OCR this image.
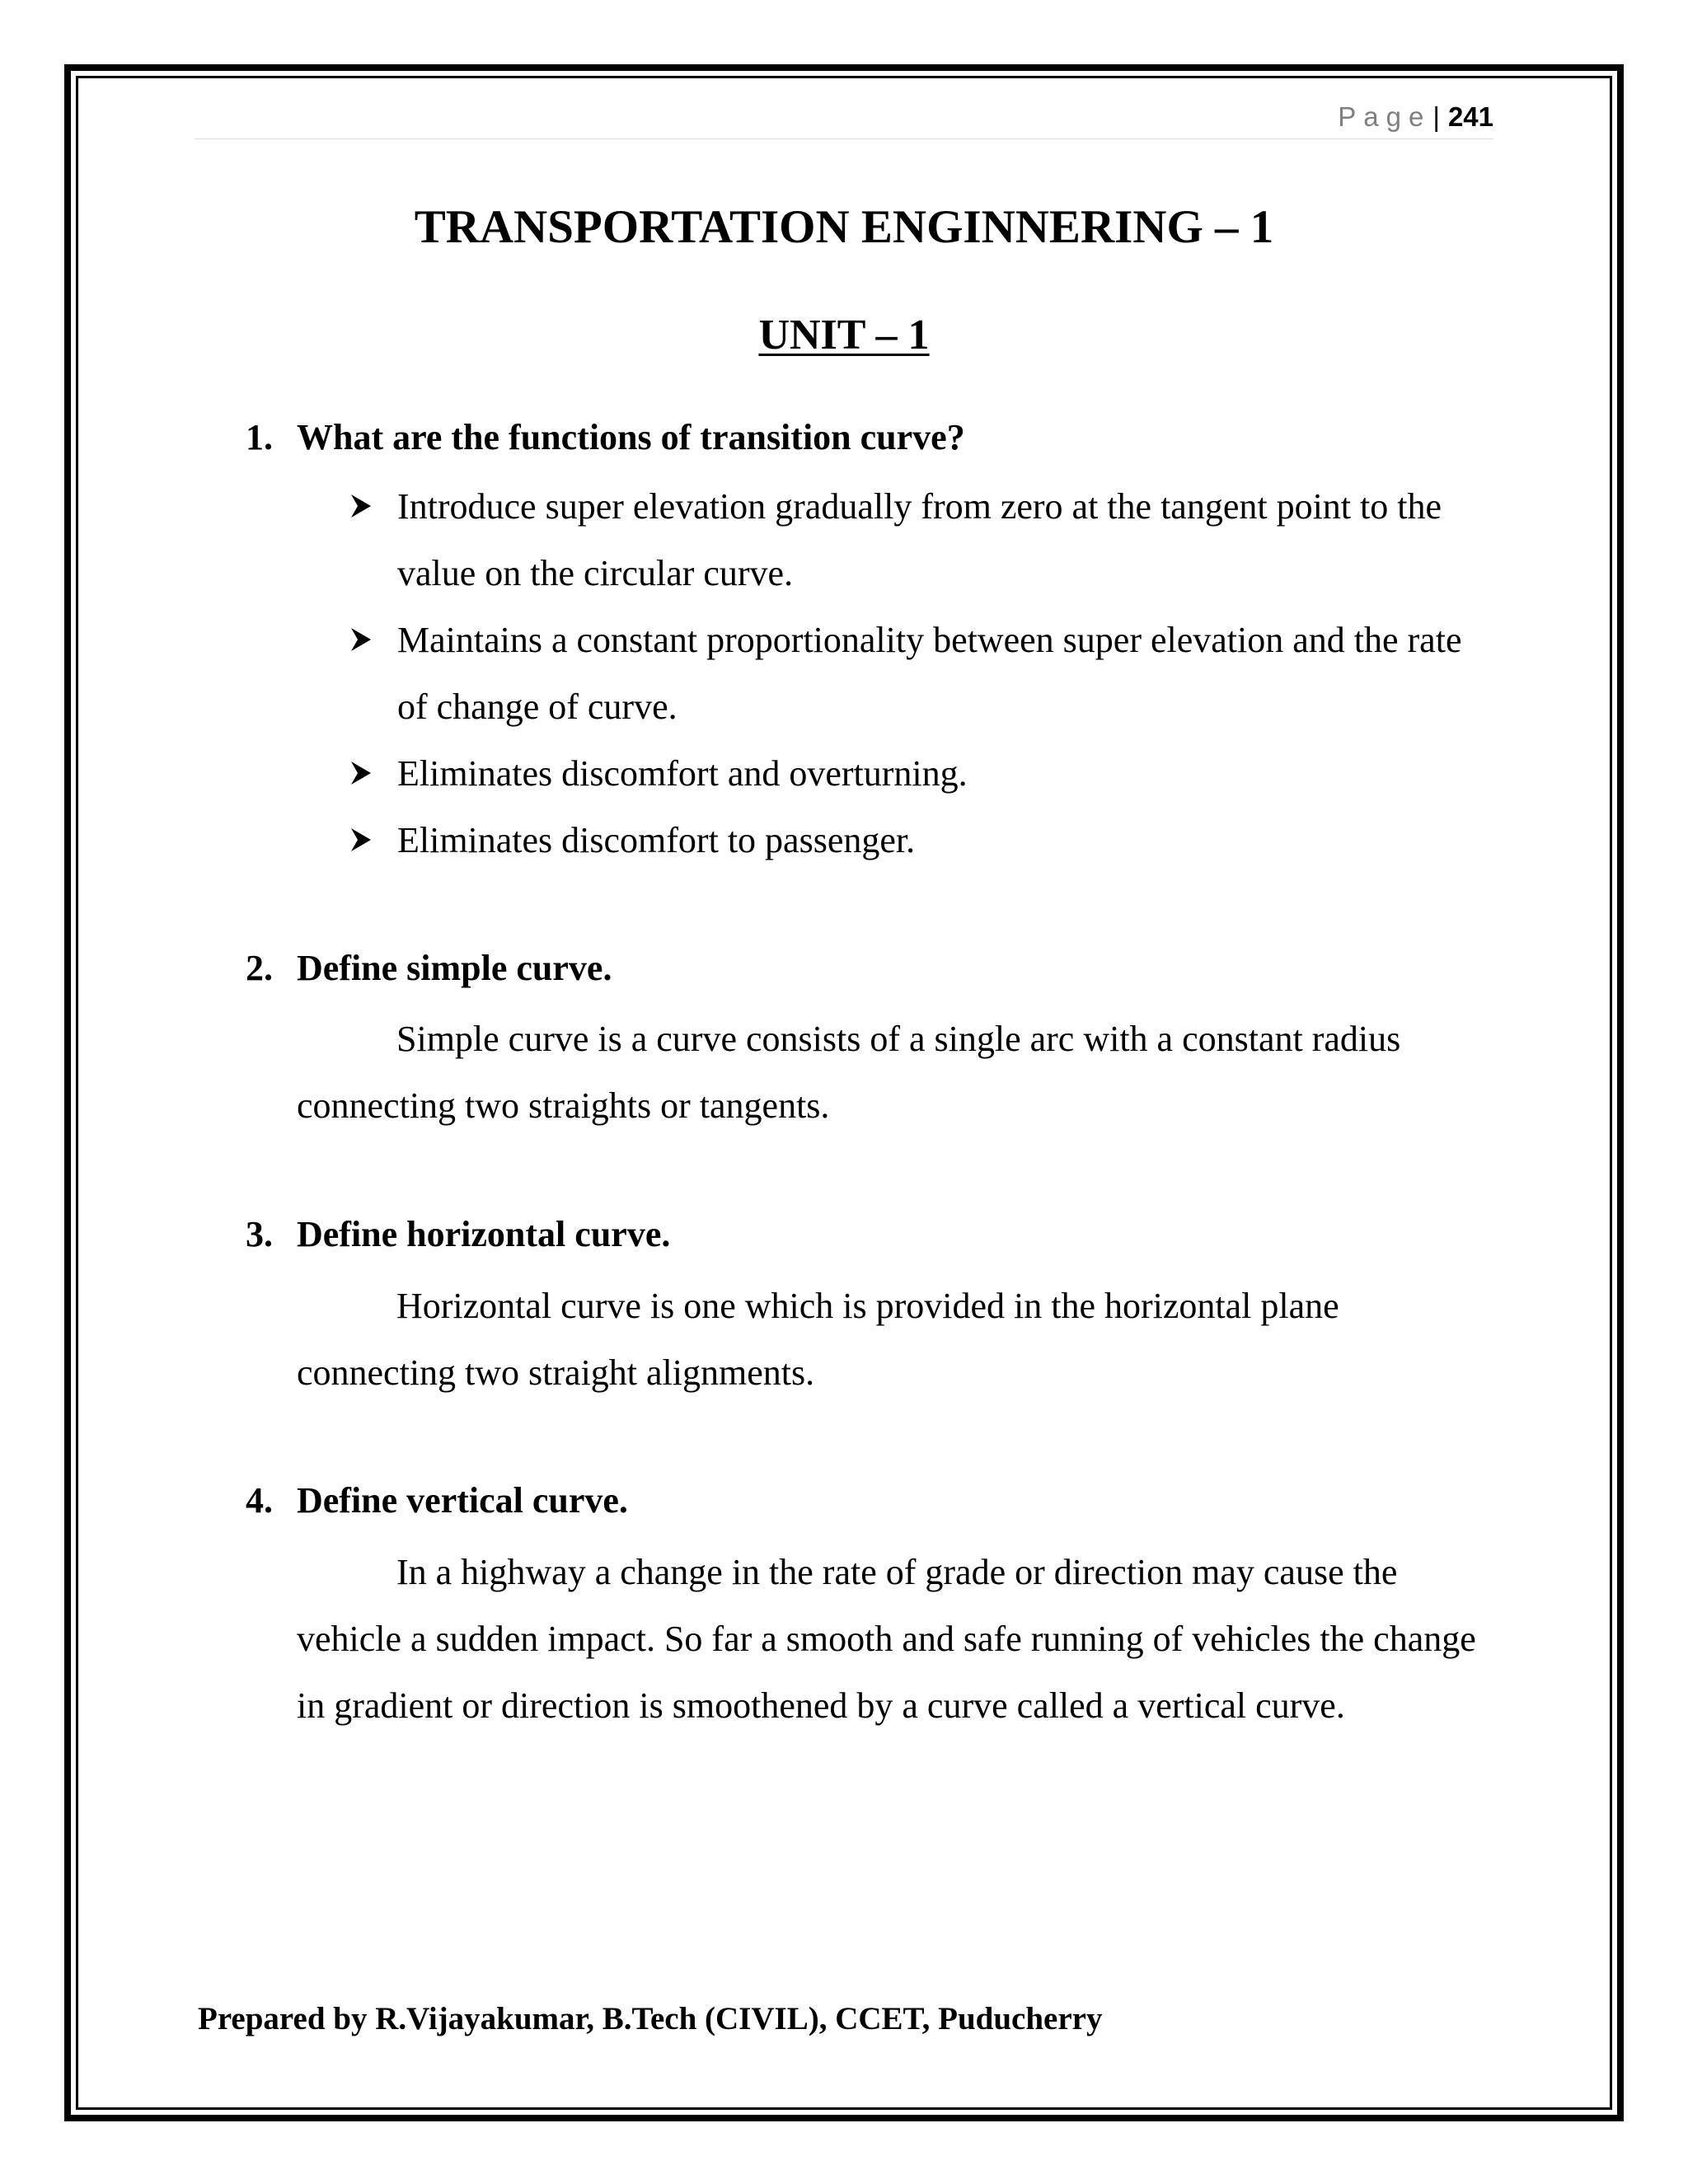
Page| 241
TRANSPORTATION ENGINNERING – 1
UNIT – 1
1. What are the functions of transition curve?
Introduce super elevation gradually from zero at the tangent point to the value on the circular curve.
Maintains a constant proportionality between super elevation and the rate of change of curve.
Eliminates discomfort and overturning.
Eliminates discomfort to passenger.
2. Define simple curve.

Simple curve is a curve consists of a single arc with a constant radius connecting two straights or tangents.

3. Define horizontal curve.

Horizontal curve is one which is provided in the horizontal plane connecting two straight alignments.

4. Define vertical curve.

In a highway a change in the rate of grade or direction may cause the vehicle a sudden impact. So far a smooth and safe running of vehicles the change in gradient or direction is smoothened by a curve called a vertical curve.

Prepared by R.Vijayakumar, B.Tech (CIVIL), CCET, Puducherry
